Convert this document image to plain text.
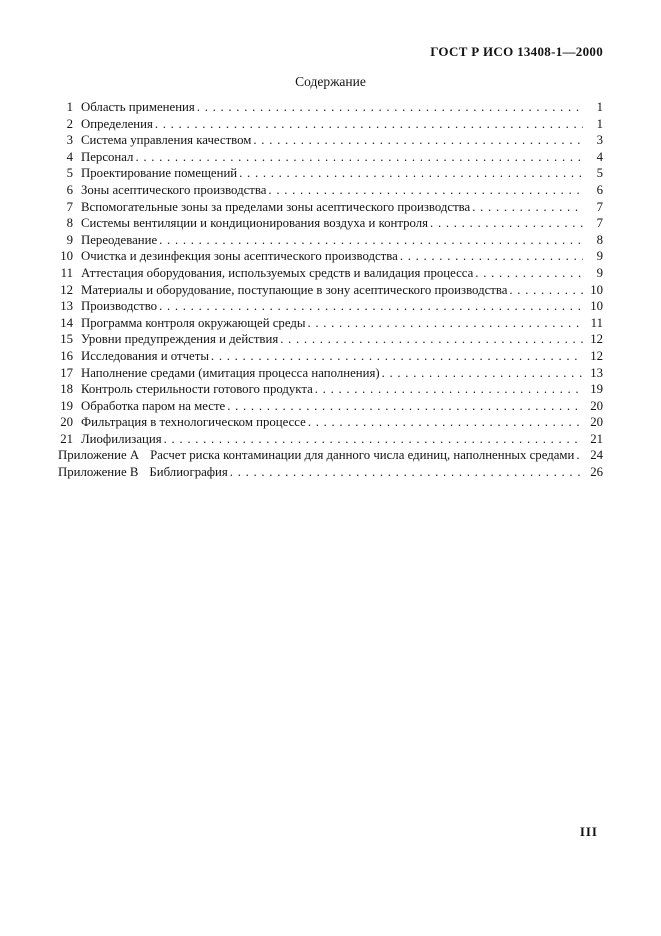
ГОСТ Р ИСО 13408-1—2000
Содержание
1 Область применения . . .	1
2 Определения . . .	1
3 Система управления качеством . . .	3
4 Персонал . . .	4
5 Проектирование помещений . . .	5
6 Зоны асептического производства . . .	6
7 Вспомогательные зоны за пределами зоны асептического производства . . .	7
8 Системы вентиляции и кондиционирования воздуха и контроля . . .	7
9 Переодевание . . .	8
10 Очистка и дезинфекция зоны асептического производства . . .	9
11 Аттестация оборудования, используемых средств и валидация процесса . . .	9
12 Материалы и оборудование, поступающие в зону асептического производства . . .	10
13 Производство . . .	10
14 Программа контроля окружающей среды . . .	11
15 Уровни предупреждения и действия . . .	12
16 Исследования и отчеты . . .	12
17 Наполнение средами (имитация процесса наполнения) . . .	13
18 Контроль стерильности готового продукта . . .	19
19 Обработка паром на месте . . .	20
20 Фильтрация в технологическом процессе . . .	20
21 Лиофилизация . . .	21
Приложение А Расчет риска контаминации для данного числа единиц, наполненных средами . . . 24
Приложение В Библиография . . .	26
III
